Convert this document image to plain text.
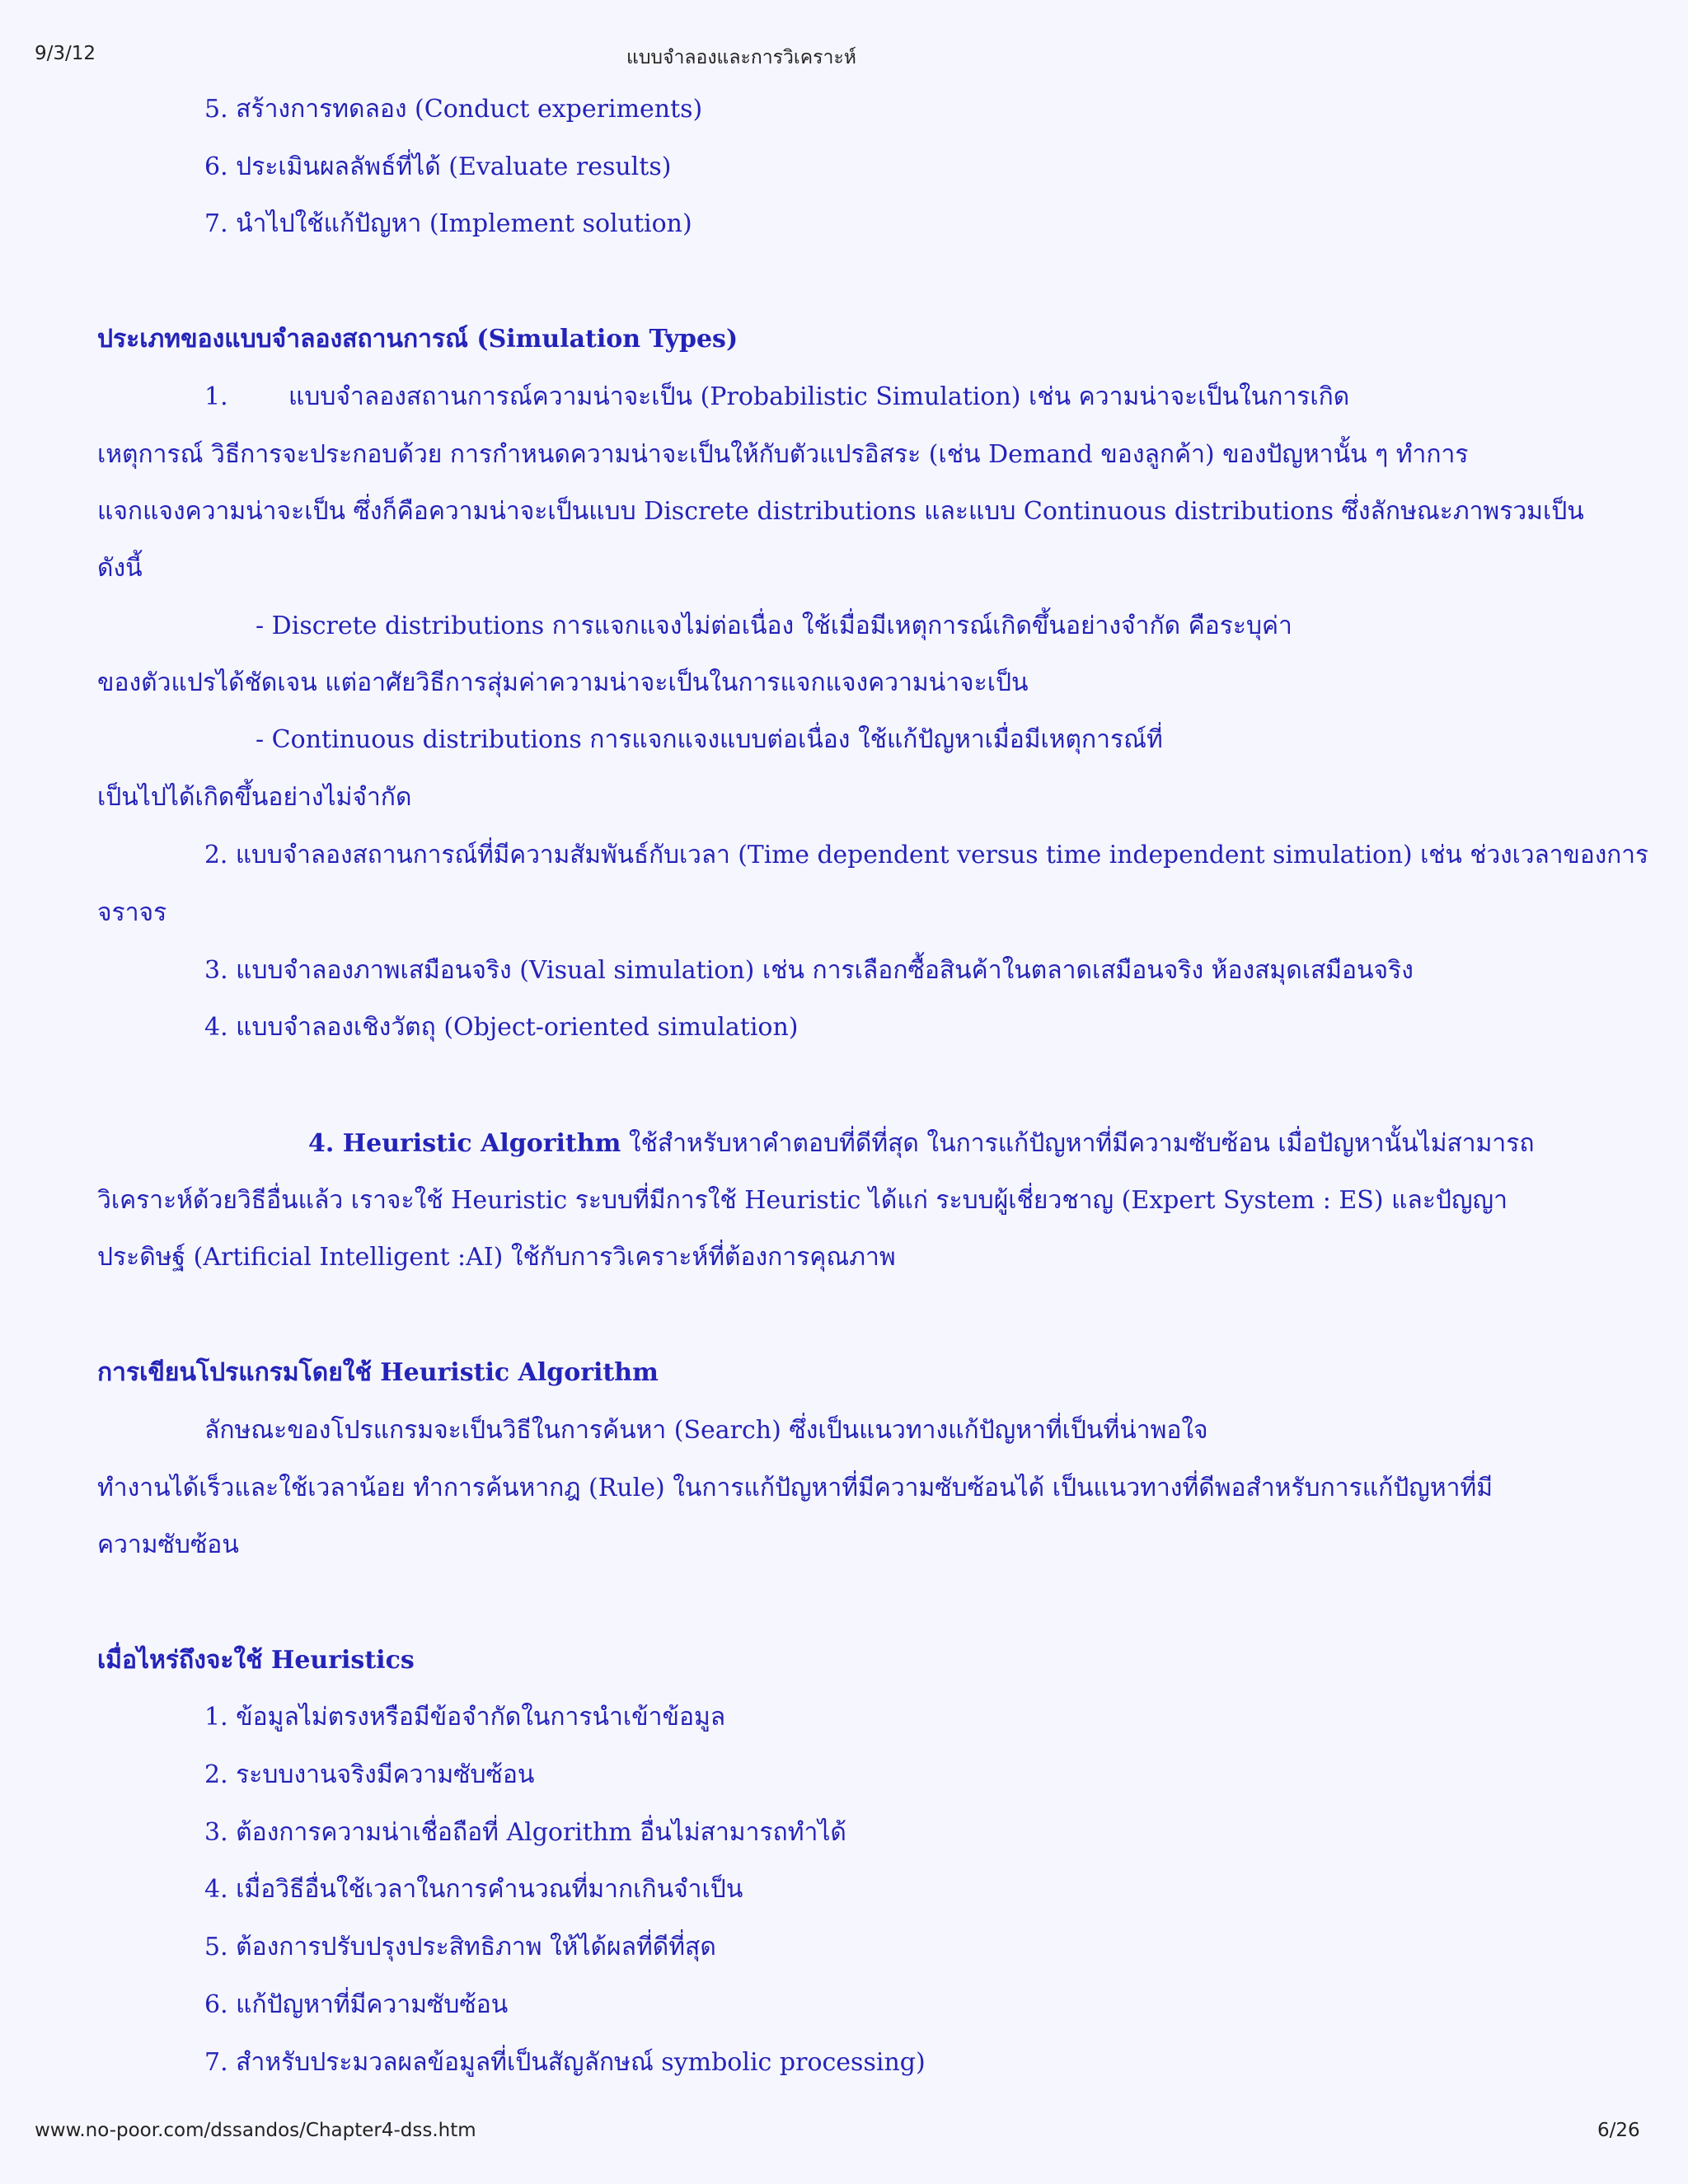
9/3/12	แบบจำลองและการวิเคราะห์
5. สร้างการทดลอง (Conduct experiments)
6. ประเมินผลลัพธ์ที่ได้ (Evaluate results)
7. นำไปใช้แก้ปัญหา (Implement solution)
ประเภทของแบบจำลองสถานการณ์ (Simulation Types)
1. แบบจำลองสถานการณ์ความน่าจะเป็น (Probabilistic Simulation) เช่น ความน่าจะเป็นในการเกิด
เหตุการณ์ วิธีการจะประกอบด้วย การกำหนดความน่าจะเป็นให้กับตัวแปรอิสระ (เช่น Demand ของลูกค้า) ของปัญหานั้น ๆ ทำการ
แจกแจงความน่าจะเป็น ซึ่งก็คือความน่าจะเป็นแบบ Discrete distributions และแบบ Continuous distributions ซึ่งลักษณะภาพรวมเป็น
ดังนี้
- Discrete distributions การแจกแจงไม่ต่อเนื่อง ใช้เมื่อมีเหตุการณ์เกิดขึ้นอย่างจำกัด คือระบุค่า
ของตัวแปรได้ชัดเจน แต่อาศัยวิธีการสุ่มค่าความน่าจะเป็นในการแจกแจงความน่าจะเป็น
- Continuous distributions การแจกแจงแบบต่อเนื่อง ใช้แก้ปัญหาเมื่อมีเหตุการณ์ที่
เป็นไปได้เกิดขึ้นอย่างไม่จำกัด
2. แบบจำลองสถานการณ์ที่มีความสัมพันธ์กับเวลา (Time dependent versus time independent simulation) เช่น ช่วงเวลาของการ
จราจร
3. แบบจำลองภาพเสมือนจริง (Visual simulation) เช่น การเลือกซื้อสินค้าในตลาดเสมือนจริง ห้องสมุดเสมือนจริง
4. แบบจำลองเชิงวัตถุ (Object-oriented simulation)
4. Heuristic Algorithm ใช้สำหรับหาคำตอบที่ดีที่สุด ในการแก้ปัญหาที่มีความซับซ้อน เมื่อปัญหานั้นไม่สามารถ
วิเคราะห์ด้วยวิธีอื่นแล้ว เราจะใช้ Heuristic ระบบที่มีการใช้ Heuristic ได้แก่ ระบบผู้เชี่ยวชาญ (Expert System : ES) และปัญญา
ประดิษฐ์ (Artificial Intelligent :AI) ใช้กับการวิเคราะห์ที่ต้องการคุณภาพ
การเขียนโปรแกรมโดยใช้ Heuristic Algorithm
ลักษณะของโปรแกรมจะเป็นวิธีในการค้นหา (Search) ซึ่งเป็นแนวทางแก้ปัญหาที่เป็นที่น่าพอใจ
ทำงานได้เร็วและใช้เวลาน้อย ทำการค้นหากฎ (Rule) ในการแก้ปัญหาที่มีความซับซ้อนได้ เป็นแนวทางที่ดีพอสำหรับการแก้ปัญหาที่มี
ความซับซ้อน
เมื่อไหร่ถึงจะใช้ Heuristics
1. ข้อมูลไม่ตรงหรือมีข้อจำกัดในการนำเข้าข้อมูล
2. ระบบงานจริงมีความซับซ้อน
3. ต้องการความน่าเชื่อถือที่ Algorithm อื่นไม่สามารถทำได้
4. เมื่อวิธีอื่นใช้เวลาในการคำนวณที่มากเกินจำเป็น
5. ต้องการปรับปรุงประสิทธิภาพ ให้ได้ผลที่ดีที่สุด
6. แก้ปัญหาที่มีความซับซ้อน
7. สำหรับประมวลผลข้อมูลที่เป็นสัญลักษณ์ symbolic processing)
www.no-poor.com/dssandos/Chapter4-dss.htm	6/26
